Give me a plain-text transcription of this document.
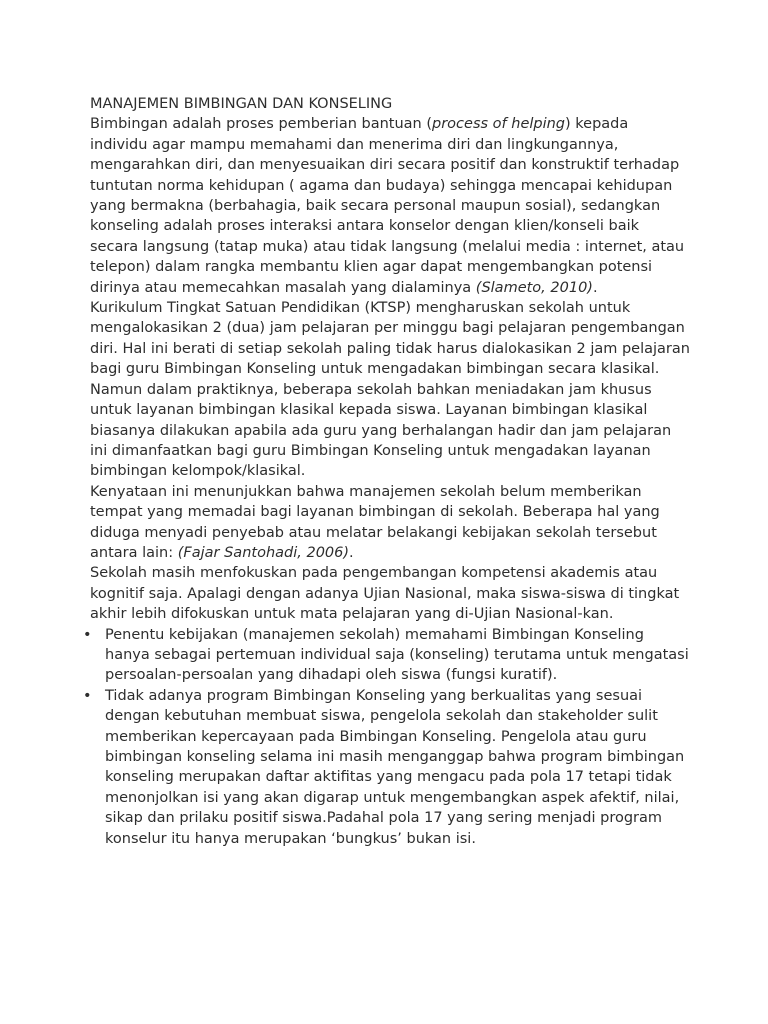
MANAJEMEN BIMBINGAN DAN KONSELING

Bimbingan adalah proses pemberian bantuan (process of helping) kepada individu agar mampu memahami dan menerima diri dan lingkungannya, mengarahkan diri, dan menyesuaikan diri secara positif dan konstruktif terhadap tuntutan norma kehidupan ( agama dan budaya) sehingga mencapai kehidupan yang bermakna (berbahagia, baik secara personal maupun sosial), sedangkan konseling adalah proses interaksi antara konselor dengan klien/konseli baik secara langsung (tatap muka) atau tidak langsung (melalui media : internet, atau telepon) dalam rangka membantu klien agar dapat mengembangkan potensi dirinya atau memecahkan masalah yang dialaminya (Slameto, 2010).

Kurikulum Tingkat Satuan Pendidikan (KTSP) mengharuskan sekolah untuk mengalokasikan 2 (dua) jam pelajaran per minggu bagi pelajaran pengembangan diri. Hal ini berati di setiap sekolah paling tidak harus dialokasikan 2 jam pelajaran bagi guru Bimbingan Konseling untuk mengadakan bimbingan secara klasikal. Namun dalam praktiknya, beberapa sekolah bahkan meniadakan jam khusus untuk layanan bimbingan klasikal kepada siswa. Layanan bimbingan klasikal biasanya dilakukan apabila ada guru yang berhalangan hadir dan jam pelajaran ini dimanfaatkan bagi guru Bimbingan Konseling untuk mengadakan layanan bimbingan kelompok/klasikal.

Kenyataan ini menunjukkan bahwa manajemen sekolah belum memberikan tempat yang memadai bagi layanan bimbingan di sekolah. Beberapa hal yang diduga menyadi penyebab atau melatar belakangi kebijakan sekolah tersebut antara lain: (Fajar Santohadi, 2006).

Sekolah masih menfokuskan pada pengembangan kompetensi akademis atau kognitif saja. Apalagi dengan adanya Ujian Nasional, maka siswa-siswa di tingkat akhir lebih difokuskan untuk mata pelajaran yang di-Ujian Nasional-kan.

• Penentu kebijakan (manajemen sekolah) memahami Bimbingan Konseling hanya sebagai pertemuan individual saja (konseling) terutama untuk mengatasi persoalan-persoalan yang dihadapi oleh siswa (fungsi kuratif).
• Tidak adanya program Bimbingan Konseling yang berkualitas yang sesuai dengan kebutuhan membuat siswa, pengelola sekolah dan stakeholder sulit memberikan kepercayaan pada Bimbingan Konseling. Pengelola atau guru bimbingan konseling selama ini masih menganggap bahwa program bimbingan konseling merupakan daftar aktifitas yang mengacu pada pola 17 tetapi tidak menonjolkan isi yang akan digarap untuk mengembangkan aspek afektif, nilai, sikap dan prilaku positif siswa.Padahal pola 17 yang sering menjadi program konselur itu hanya merupakan ‘bungkus’ bukan isi.
